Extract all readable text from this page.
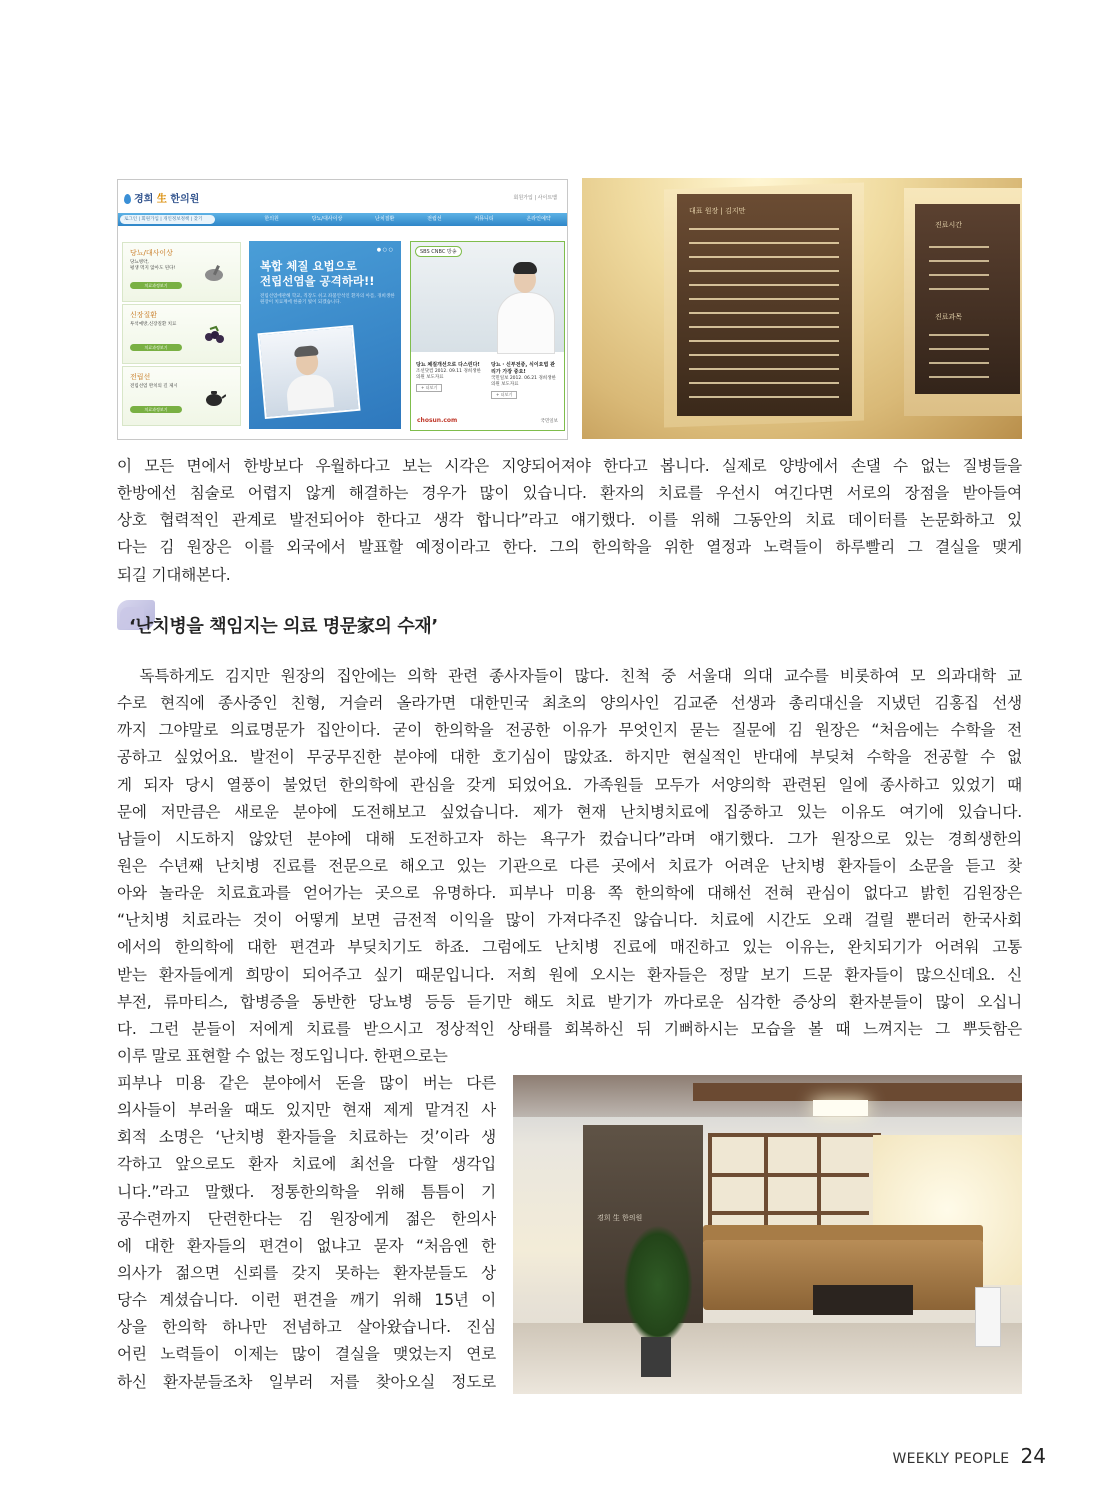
경희 生 한의원	회원가입 | 사이트맵
로그인 | 회원가입 | 개인정보정책 | 찾기	한의원	당뇨/대사이상	난치질환	전립선	커뮤니티	온라인예약
당뇨/대사이상
당뇨병약,
평생 먹지 않아도 된다!
치료과정보기
신장질환
투석예방,신장질환 치료
치료과정보기
전립선
전립선염 완치의 길 제시
치료과정보기
● ○ ○
복합 체질 요법으로
전립선염을 공격하라!!
전립선염에관해 학교, 직장도 쉬고 좌불안석인 환자의 아픔, 경희생한 원장이 치료계에 한줄기 빛이 되겠습니다.
SBS CNBC 방송
당뇨 체질개선으로 다스린다!
조선닷컴 2012. 09.11 경희생한의원 보도자료
+ 더보기
당뇨 · 신부전증, 식이요법 관리가 가장 중요!
국민일보 2012. 06.21 경희생한의원 보도자료
+ 더보기
chosun.com	국민일보
대표 원장 | 김지만
진료시간
진료과목
이 모든 면에서 한방보다 우월하다고 보는 시각은 지양되어져야 한다고 봅니다. 실제로 양방에서 손댈 수 없는 질병들을
한방에선 침술로 어렵지 않게 해결하는 경우가 많이 있습니다. 환자의 치료를 우선시 여긴다면 서로의 장점을 받아들여
상호 협력적인 관계로 발전되어야 한다고 생각 합니다”라고 얘기했다. 이를 위해 그동안의 치료 데이터를 논문화하고 있
다는 김 원장은 이를 외국에서 발표할 예정이라고 한다. 그의 한의학을 위한 열정과 노력들이 하루빨리 그 결실을 맺게
되길 기대해본다.
‘난치병을 책임지는 의료 명문家의 수재’
독특하게도 김지만 원장의 집안에는 의학 관련 종사자들이 많다. 친척 중 서울대 의대 교수를 비롯하여 모 의과대학 교
수로 현직에 종사중인 친형, 거슬러 올라가면 대한민국 최초의 양의사인 김교준 선생과 총리대신을 지냈던 김홍집 선생
까지 그야말로 의료명문가 집안이다. 굳이 한의학을 전공한 이유가 무엇인지 묻는 질문에 김 원장은 “처음에는 수학을 전
공하고 싶었어요. 발전이 무궁무진한 분야에 대한 호기심이 많았죠. 하지만 현실적인 반대에 부딪쳐 수학을 전공할 수 없
게 되자 당시 열풍이 불었던 한의학에 관심을 갖게 되었어요. 가족원들 모두가 서양의학 관련된 일에 종사하고 있었기 때
문에 저만큼은 새로운 분야에 도전해보고 싶었습니다. 제가 현재 난치병치료에 집중하고 있는 이유도 여기에 있습니다.
남들이 시도하지 않았던 분야에 대해 도전하고자 하는 욕구가 컸습니다”라며 얘기했다. 그가 원장으로 있는 경희생한의
원은 수년째 난치병 진료를 전문으로 해오고 있는 기관으로 다른 곳에서 치료가 어려운 난치병 환자들이 소문을 듣고 찾
아와 놀라운 치료효과를 얻어가는 곳으로 유명하다. 피부나 미용 쪽 한의학에 대해선 전혀 관심이 없다고 밝힌 김원장은
“난치병 치료라는 것이 어떻게 보면 금전적 이익을 많이 가져다주진 않습니다. 치료에 시간도 오래 걸릴 뿐더러 한국사회
에서의 한의학에 대한 편견과 부딪치기도 하죠. 그럼에도 난치병 진료에 매진하고 있는 이유는, 완치되기가 어려워 고통
받는 환자들에게 희망이 되어주고 싶기 때문입니다. 저희 원에 오시는 환자들은 정말 보기 드문 환자들이 많으신데요. 신
부전, 류마티스, 합병증을 동반한 당뇨병 등등 듣기만 해도 치료 받기가 까다로운 심각한 증상의 환자분들이 많이 오십니
다. 그런 분들이 저에게 치료를 받으시고 정상적인 상태를 회복하신 뒤 기뻐하시는 모습을 볼 때 느껴지는 그 뿌듯함은
이루 말로 표현할 수 없는 정도입니다. 한편으로는
피부나 미용 같은 분야에서 돈을 많이 버는 다른
의사들이 부러울 때도 있지만 현재 제게 맡겨진 사
회적 소명은 ‘난치병 환자들을 치료하는 것’이라 생
각하고 앞으로도 환자 치료에 최선을 다할 생각입
니다.”라고 말했다. 정통한의학을 위해 틈틈이 기
공수련까지 단련한다는 김 원장에게 젊은 한의사
에 대한 환자들의 편견이 없냐고 묻자 “처음엔 한
의사가 젊으면 신뢰를 갖지 못하는 환자분들도 상
당수 계셨습니다. 이런 편견을 깨기 위해 15년 이
상을 한의학 하나만 전념하고 살아왔습니다. 진심
어린 노력들이 이제는 많이 결실을 맺었는지 연로
하신 환자분들조차 일부러 저를 찾아오실 정도로
경희 生 한의원
WEEKLY PEOPLE 24
